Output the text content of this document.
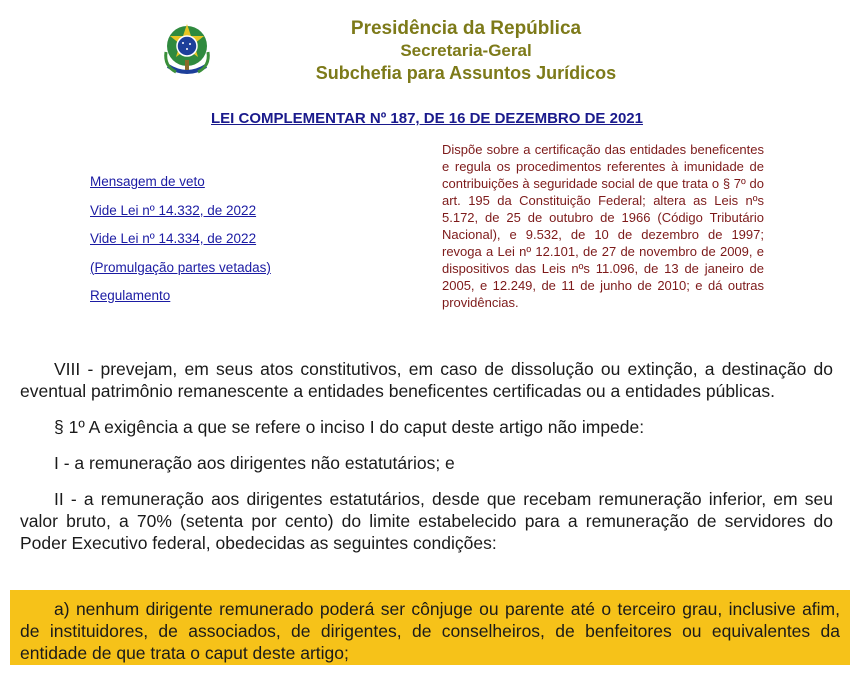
Presidência da República
Secretaria-Geral
Subchefia para Assuntos Jurídicos
LEI COMPLEMENTAR Nº 187, DE 16 DE DEZEMBRO DE 2021
Mensagem de veto
Vide Lei nº 14.332, de 2022
Vide Lei nº 14.334, de 2022
(Promulgação partes vetadas)
Regulamento
Dispõe sobre a certificação das entidades beneficentes e regula os procedimentos referentes à imunidade de contribuições à seguridade social de que trata o § 7º do art. 195 da Constituição Federal; altera as Leis nºs 5.172, de 25 de outubro de 1966 (Código Tributário Nacional), e 9.532, de 10 de dezembro de 1997; revoga a Lei nº 12.101, de 27 de novembro de 2009, e dispositivos das Leis nºs 11.096, de 13 de janeiro de 2005, e 12.249, de 11 de junho de 2010; e dá outras providências.

VIII - prevejam, em seus atos constitutivos, em caso de dissolução ou extinção, a destinação do eventual patrimônio remanescente a entidades beneficentes certificadas ou a entidades públicas.

§ 1º A exigência a que se refere o inciso I do caput deste artigo não impede:

I - a remuneração aos dirigentes não estatutários; e

II - a remuneração aos dirigentes estatutários, desde que recebam remuneração inferior, em seu valor bruto, a 70% (setenta por cento) do limite estabelecido para a remuneração de servidores do Poder Executivo federal, obedecidas as seguintes condições:

a) nenhum dirigente remunerado poderá ser cônjuge ou parente até o terceiro grau, inclusive afim, de instituidores, de associados, de dirigentes, de conselheiros, de benfeitores ou equivalentes da entidade de que trata o caput deste artigo;
